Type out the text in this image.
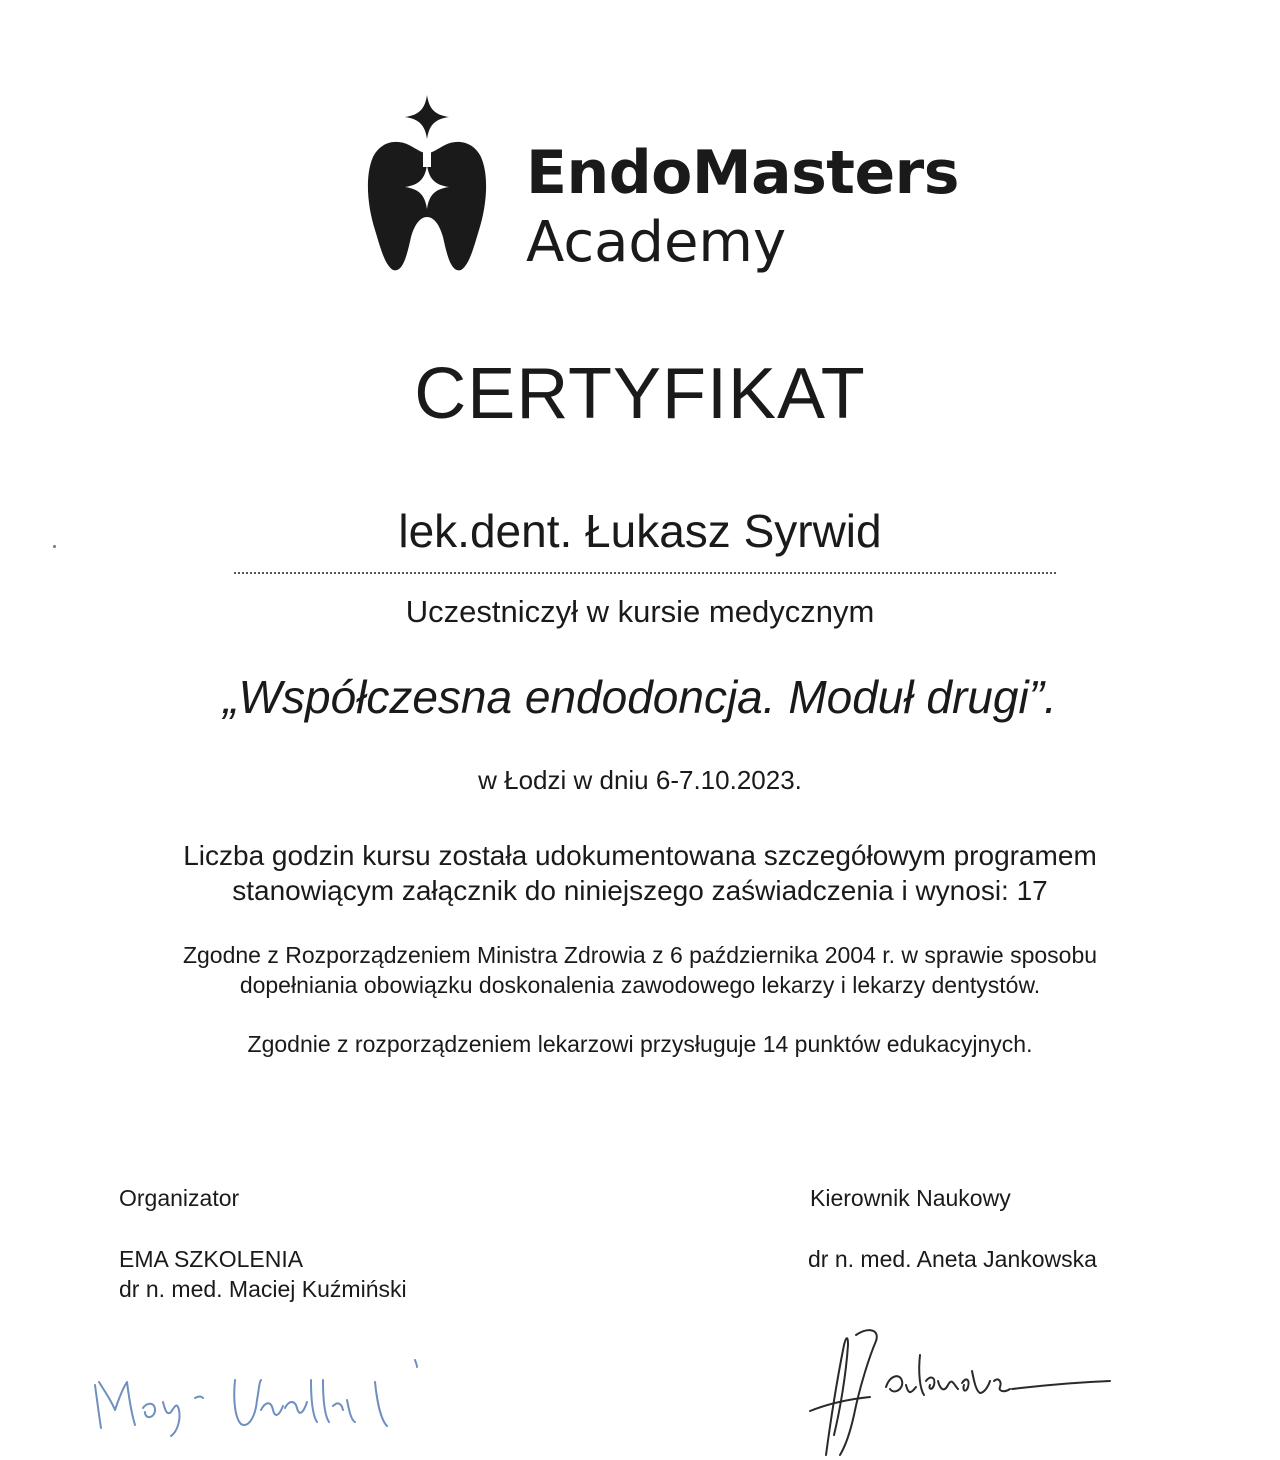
EndoMasters
Academy
CERTYFIKAT
lek.dent. Łukasz Syrwid
Uczestniczył w kursie medycznym
„Współczesna endodoncja. Moduł drugi”.
w Łodzi w dniu 6-7.10.2023.
Liczba godzin kursu została udokumentowana szczegółowym programem
stanowiącym załącznik do niniejszego zaświadczenia i wynosi: 17
Zgodne z Rozporządzeniem Ministra Zdrowia z 6 października 2004 r. w sprawie sposobu
dopełniania obowiązku doskonalenia zawodowego lekarzy i lekarzy dentystów.
Zgodnie z rozporządzeniem lekarzowi przysługuje 14 punktów edukacyjnych.
Organizator
EMA SZKOLENIA
dr n. med. Maciej Kuźmiński
Kierownik Naukowy
dr n. med. Aneta Jankowska
